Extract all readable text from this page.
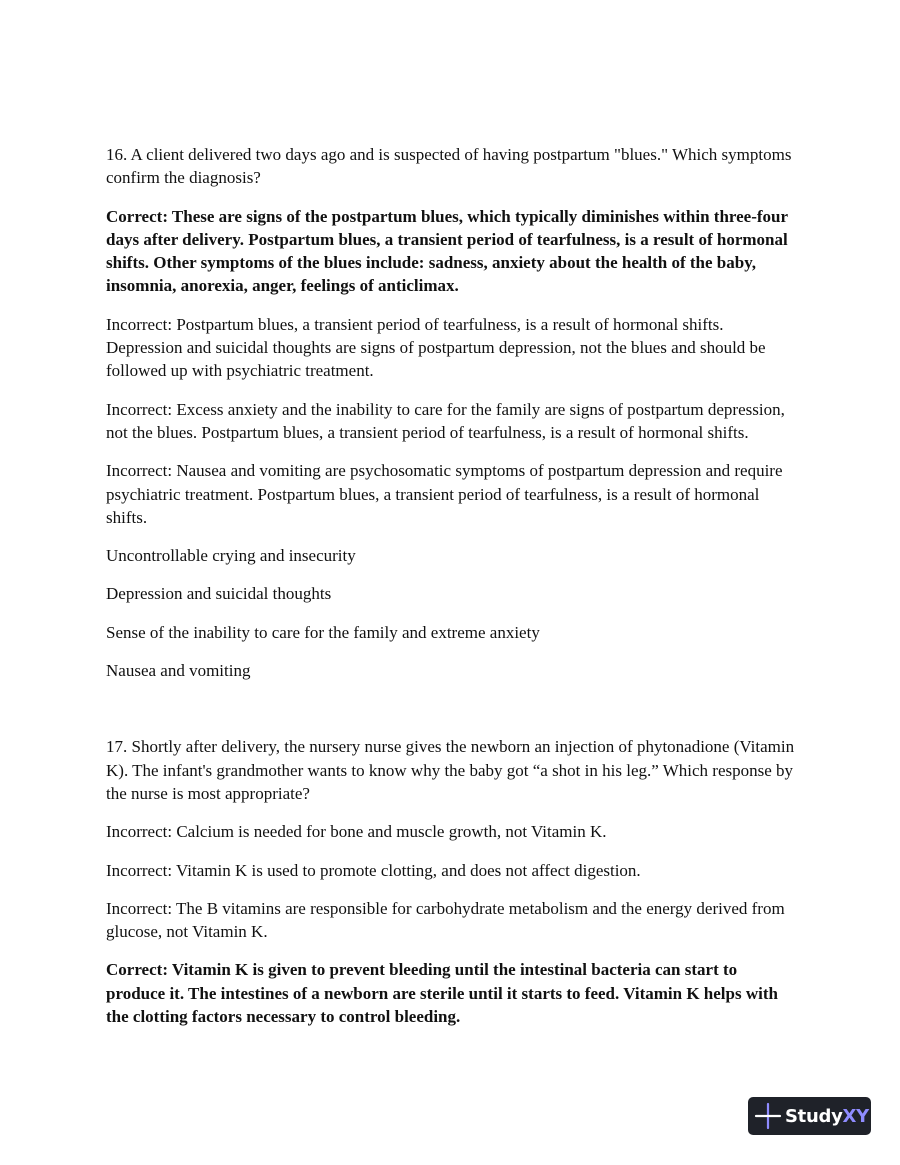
16. A client delivered two days ago and is suspected of having postpartum "blues." Which symptoms confirm the diagnosis?

Correct: These are signs of the postpartum blues, which typically diminishes within three-four days after delivery. Postpartum blues, a transient period of tearfulness, is a result of hormonal shifts. Other symptoms of the blues include: sadness, anxiety about the health of the baby, insomnia, anorexia, anger, feelings of anticlimax.

Incorrect: Postpartum blues, a transient period of tearfulness, is a result of hormonal shifts. Depression and suicidal thoughts are signs of postpartum depression, not the blues and should be followed up with psychiatric treatment.

Incorrect: Excess anxiety and the inability to care for the family are signs of postpartum depression, not the blues. Postpartum blues, a transient period of tearfulness, is a result of hormonal shifts.

Incorrect: Nausea and vomiting are psychosomatic symptoms of postpartum depression and require psychiatric treatment. Postpartum blues, a transient period of tearfulness, is a result of hormonal shifts.

Uncontrollable crying and insecurity

Depression and suicidal thoughts

Sense of the inability to care for the family and extreme anxiety

Nausea and vomiting

17. Shortly after delivery, the nursery nurse gives the newborn an injection of phytonadione (Vitamin K). The infant's grandmother wants to know why the baby got “a shot in his leg.” Which response by the nurse is most appropriate?

Incorrect: Calcium is needed for bone and muscle growth, not Vitamin K.

Incorrect: Vitamin K is used to promote clotting, and does not affect digestion.

Incorrect: The B vitamins are responsible for carbohydrate metabolism and the energy derived from glucose, not Vitamin K.

Correct: Vitamin K is given to prevent bleeding until the intestinal bacteria can start to produce it. The intestines of a newborn are sterile until it starts to feed. Vitamin K helps with the clotting factors necessary to control bleeding.

StudyXY
